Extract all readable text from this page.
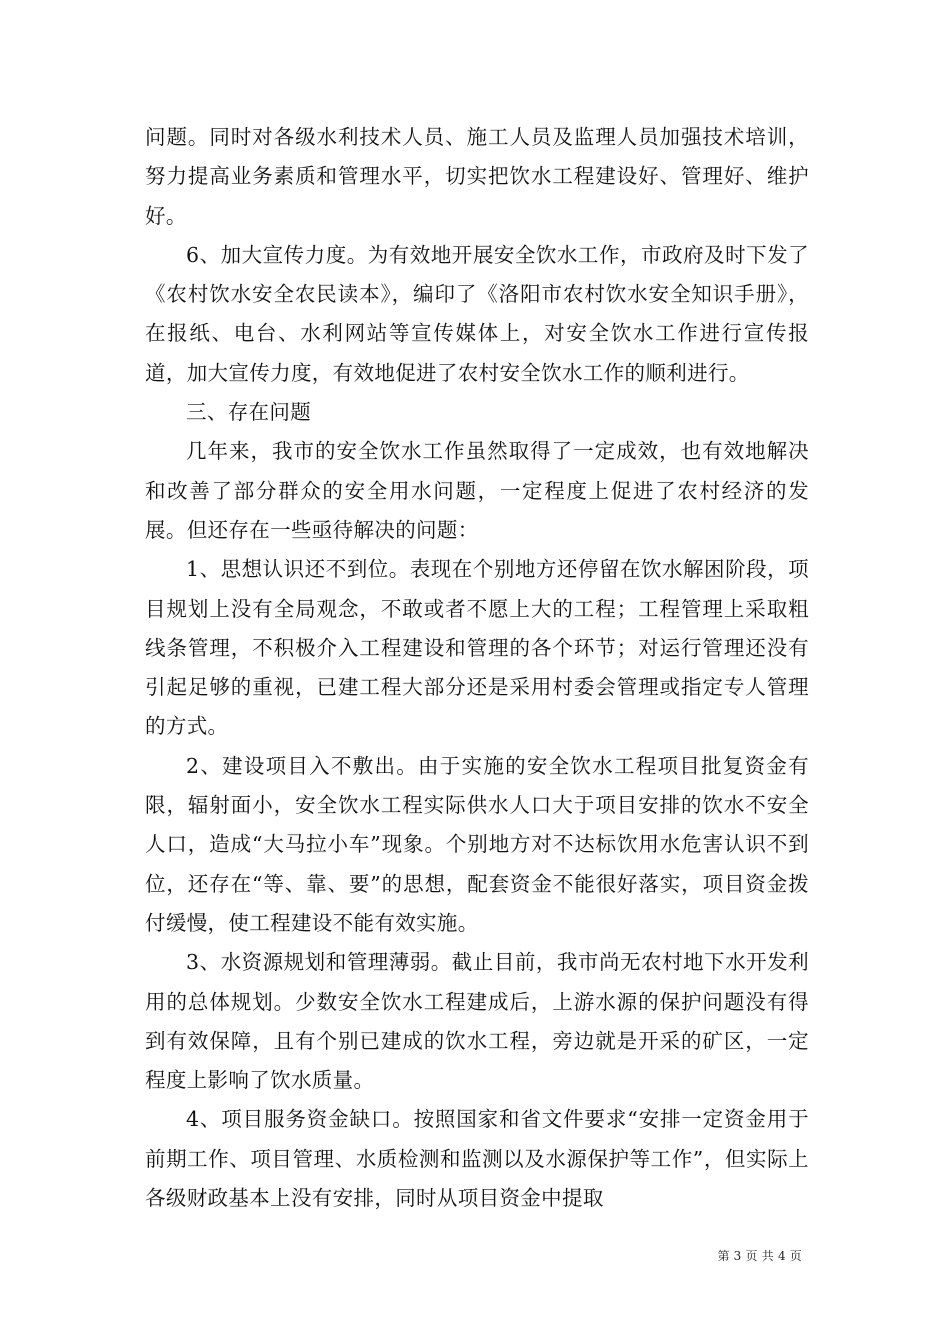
问题。同时对各级水利技术人员、施工人员及监理人员加强技术培训，努力提高业务素质和管理水平，切实把饮水工程建设好、管理好、维护好。

6、加大宣传力度。为有效地开展安全饮水工作，市政府及时下发了《农村饮水安全农民读本》，编印了《洛阳市农村饮水安全知识手册》，在报纸、电台、水利网站等宣传媒体上，对安全饮水工作进行宣传报道，加大宣传力度，有效地促进了农村安全饮水工作的顺利进行。

三、存在问题

几年来，我市的安全饮水工作虽然取得了一定成效，也有效地解决和改善了部分群众的安全用水问题，一定程度上促进了农村经济的发展。但还存在一些亟待解决的问题：

1、思想认识还不到位。表现在个别地方还停留在饮水解困阶段，项目规划上没有全局观念，不敢或者不愿上大的工程；工程管理上采取粗线条管理，不积极介入工程建设和管理的各个环节；对运行管理还没有引起足够的重视，已建工程大部分还是采用村委会管理或指定专人管理的方式。

2、建设项目入不敷出。由于实施的安全饮水工程项目批复资金有限，辐射面小，安全饮水工程实际供水人口大于项目安排的饮水不安全人口，造成“大马拉小车”现象。个别地方对不达标饮用水危害认识不到位，还存在“等、靠、要”的思想，配套资金不能很好落实，项目资金拨付缓慢，使工程建设不能有效实施。

3、水资源规划和管理薄弱。截止目前，我市尚无农村地下水开发利用的总体规划。少数安全饮水工程建成后，上游水源的保护问题没有得到有效保障，且有个别已建成的饮水工程，旁边就是开采的矿区，一定程度上影响了饮水质量。

4、项目服务资金缺口。按照国家和省文件要求“安排一定资金用于前期工作、项目管理、水质检测和监测以及水源保护等工作”，但实际上各级财政基本上没有安排，同时从项目资金中提取

第 3 页 共 4 页
